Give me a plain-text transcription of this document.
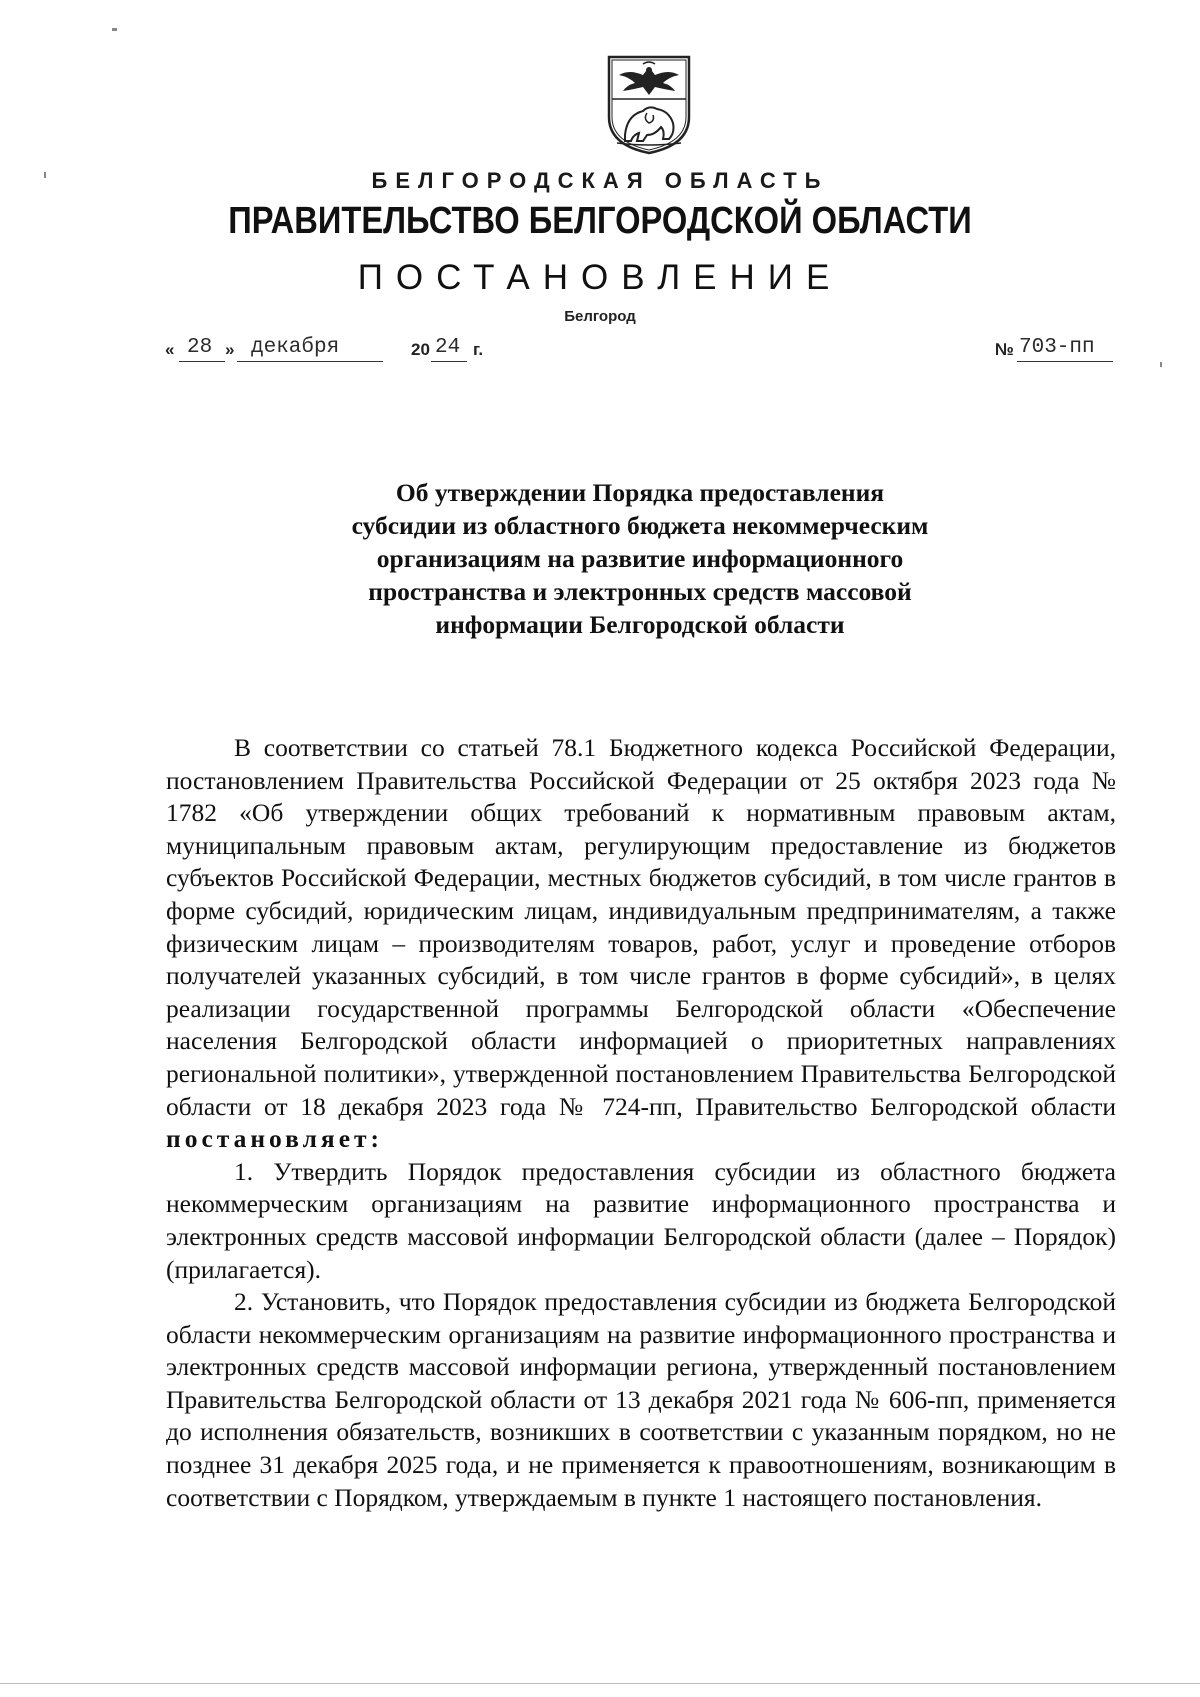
БЕЛГОРОДСКАЯ ОБЛАСТЬ
ПРАВИТЕЛЬСТВО БЕЛГОРОДСКОЙ ОБЛАСТИ
ПОСТАНОВЛЕНИЕ
Белгород
« 28 » декабря	20 24 г.	№ 703-пп
Об утверждении Порядка предоставления
субсидии из областного бюджета некоммерческим
организациям на развитие информационного
пространства и электронных средств массовой
информации Белгородской области

В соответствии со статьей 78.1 Бюджетного кодекса Российской Федерации, постановлением Правительства Российской Федерации от 25 октября 2023 года № 1782 «Об утверждении общих требований к нормативным правовым актам, муниципальным правовым актам, регулирующим предоставление из бюджетов субъектов Российской Федерации, местных бюджетов субсидий, в том числе грантов в форме субсидий, юридическим лицам, индивидуальным предпринимателям, а также физическим лицам – производителям товаров, работ, услуг и проведение отборов получателей указанных субсидий, в том числе грантов в форме субсидий», в целях реализации государственной программы Белгородской области «Обеспечение населения Белгородской области информацией о приоритетных направлениях региональной политики», утвержденной постановлением Правительства Белгородской области от 18 декабря 2023 года № 724-пп, Правительство Белгородской области постановляет:

1. Утвердить Порядок предоставления субсидии из областного бюджета некоммерческим организациям на развитие информационного пространства и электронных средств массовой информации Белгородской области (далее – Порядок) (прилагается).

2. Установить, что Порядок предоставления субсидии из бюджета Белгородской области некоммерческим организациям на развитие информационного пространства и электронных средств массовой информации региона, утвержденный постановлением Правительства Белгородской области от 13 декабря 2021 года № 606-пп, применяется до исполнения обязательств, возникших в соответствии с указанным порядком, но не позднее 31 декабря 2025 года, и не применяется к правоотношениям, возникающим в соответствии с Порядком, утверждаемым в пункте 1 настоящего постановления.
